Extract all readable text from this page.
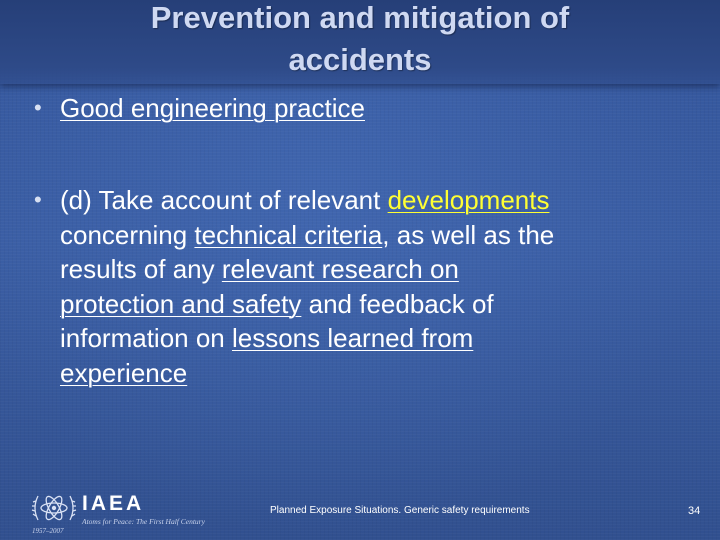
Prevention and mitigation of
accidents
• Good engineering practice
• (d) Take account of relevant developments
concerning technical criteria, as well as the
results of any relevant research on
protection and safety and feedback of
information on lessons learned from
experience
IAEA
Atoms for Peace: The First Half Century
1957–2007
Planned Exposure Situations. Generic safety requirements	34
